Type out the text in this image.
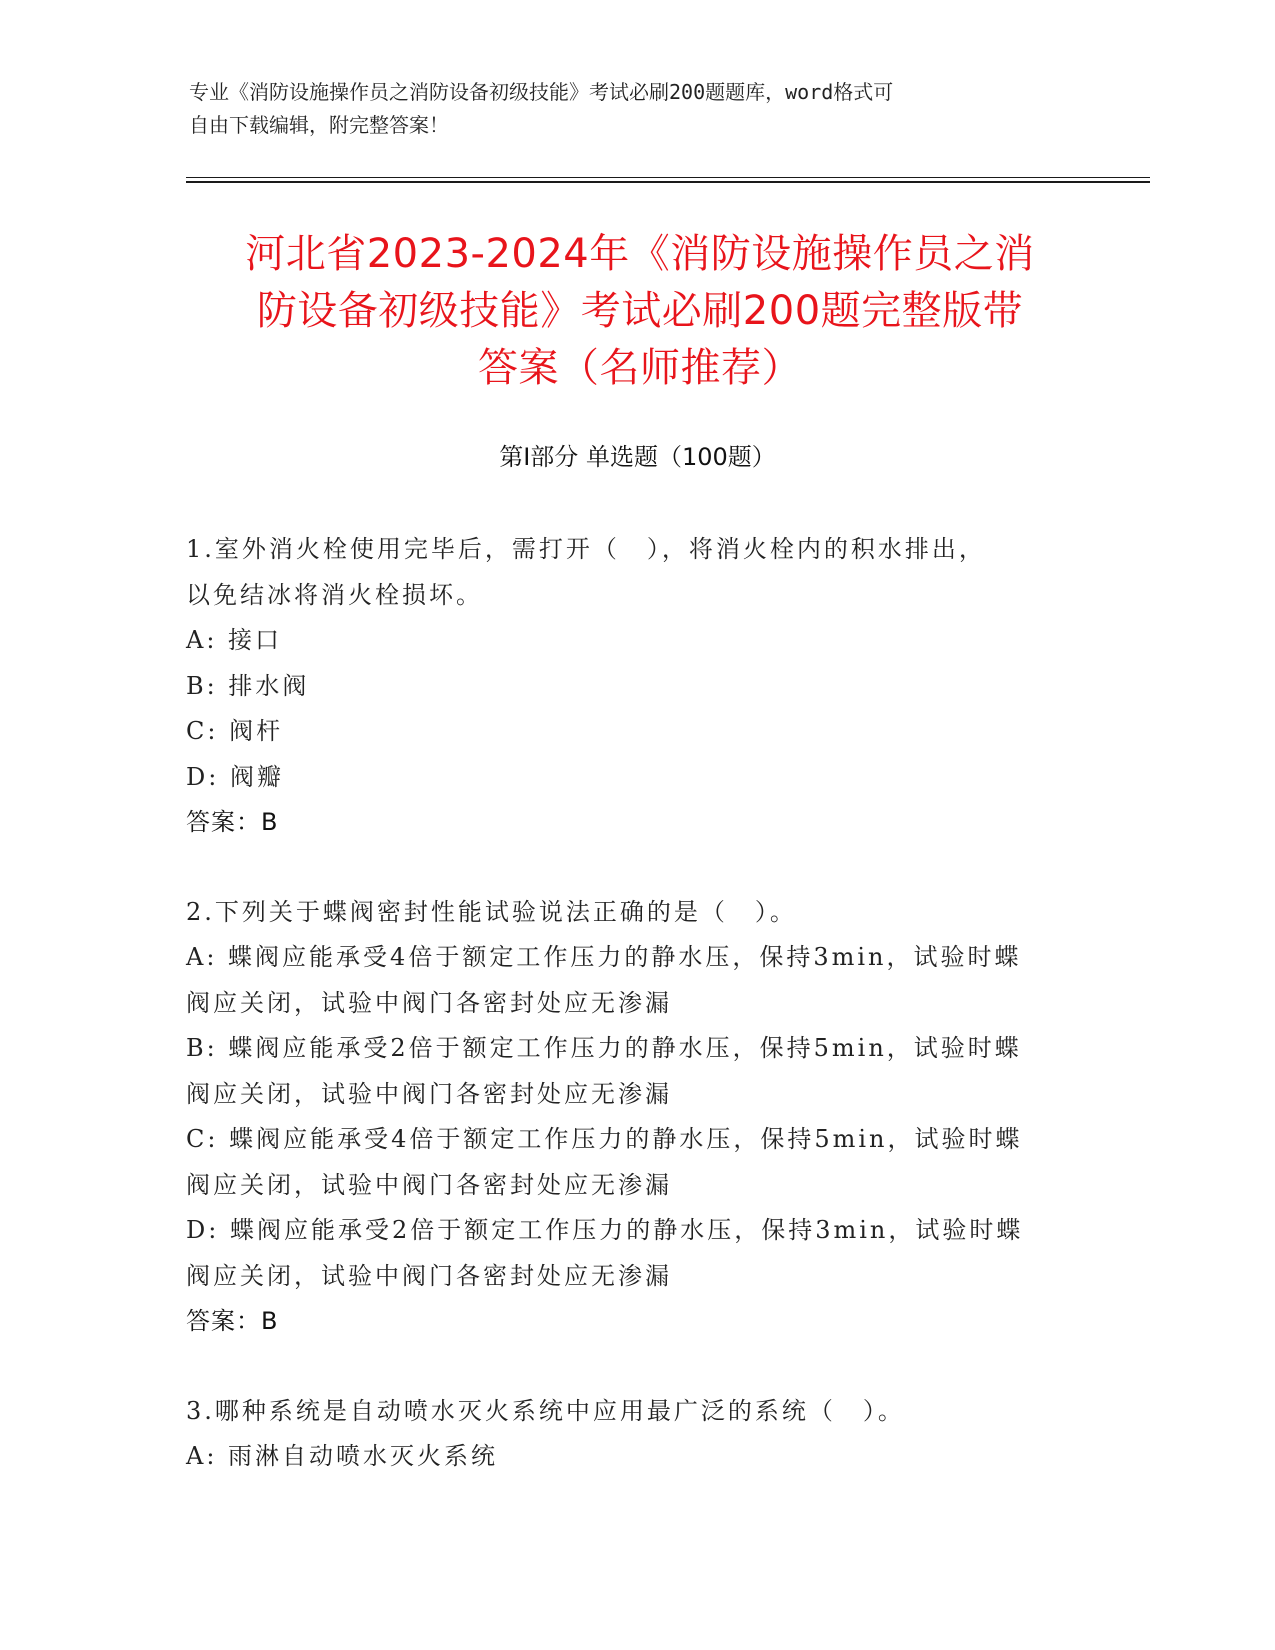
专业《消防设施操作员之消防设备初级技能》考试必刷200题题库，word格式可
自由下载编辑，附完整答案！
河北省2023-2024年《消防设施操作员之消
防设备初级技能》考试必刷200题完整版带
答案（名师推荐）
第Ⅰ部分 单选题（100题）
1.室外消火栓使用完毕后，需打开（　），将消火栓内的积水排出，
以免结冰将消火栓损坏。
A: 接口
B: 排水阀
C: 阀杆
D: 阀瓣
答案：B
2.下列关于蝶阀密封性能试验说法正确的是（　）。
A: 蝶阀应能承受4倍于额定工作压力的静水压，保持3min，试验时蝶
阀应关闭，试验中阀门各密封处应无渗漏
B: 蝶阀应能承受2倍于额定工作压力的静水压，保持5min，试验时蝶
阀应关闭，试验中阀门各密封处应无渗漏
C: 蝶阀应能承受4倍于额定工作压力的静水压，保持5min，试验时蝶
阀应关闭，试验中阀门各密封处应无渗漏
D: 蝶阀应能承受2倍于额定工作压力的静水压，保持3min，试验时蝶
阀应关闭，试验中阀门各密封处应无渗漏
答案：B
3.哪种系统是自动喷水灭火系统中应用最广泛的系统（　）。
A: 雨淋自动喷水灭火系统
